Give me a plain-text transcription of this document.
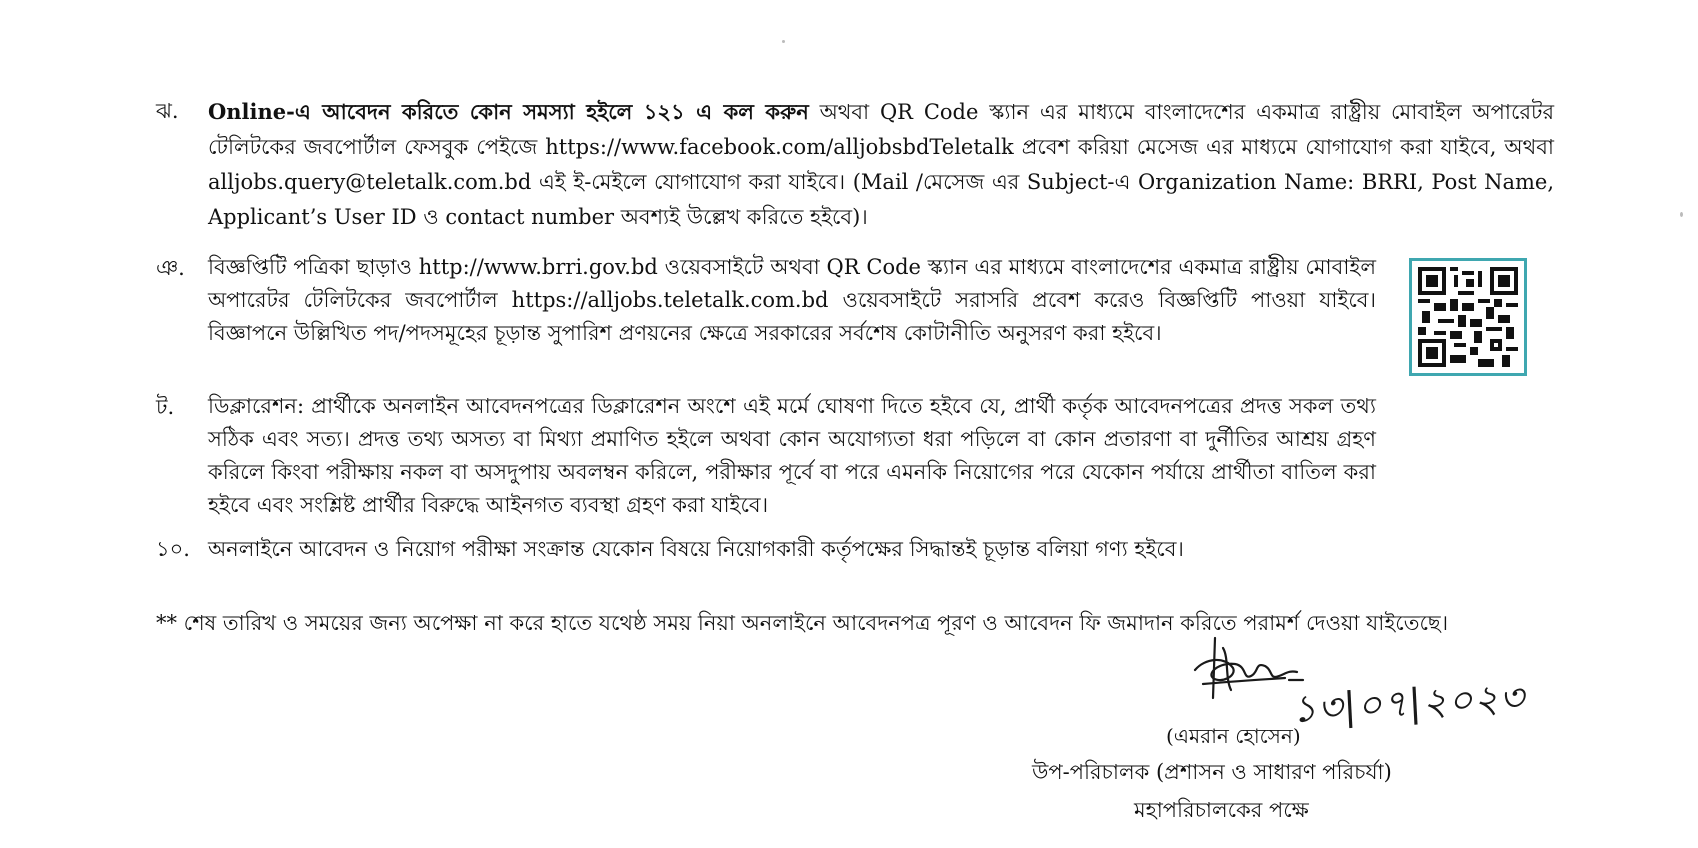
ঝ. Online-এ আবেদন করিতে কোন সমস্যা হইলে ১২১ এ কল করুন অথবা QR Code স্ক্যান এর মাধ্যমে বাংলাদেশের একমাত্র রাষ্ট্রীয় মোবাইল অপারেটর টেলিটকের জবপোর্টাল ফেসবুক পেইজে https://www.facebook.com/alljobsbdTeletalk প্রবেশ করিয়া মেসেজ এর মাধ্যমে যোগাযোগ করা যাইবে, অথবা alljobs.query@teletalk.com.bd এই ই-মেইলে যোগাযোগ করা যাইবে। (Mail /মেসেজ এর Subject-এ Organization Name: BRRI, Post Name, Applicant’s User ID ও contact number অবশ্যই উল্লেখ করিতে হইবে)।
ঞ. বিজ্ঞপ্তিটি পত্রিকা ছাড়াও http://www.brri.gov.bd ওয়েবসাইটে অথবা QR Code স্ক্যান এর মাধ্যমে বাংলাদেশের একমাত্র রাষ্ট্রীয় মোবাইল অপারেটর টেলিটকের জবপোর্টাল https://alljobs.teletalk.com.bd ওয়েবসাইটে সরাসরি প্রবেশ করেও বিজ্ঞপ্তিটি পাওয়া যাইবে। বিজ্ঞাপনে উল্লিখিত পদ/পদসমূহের চূড়ান্ত সুপারিশ প্রণয়নের ক্ষেত্রে সরকারের সর্বশেষ কোটানীতি অনুসরণ করা হইবে।
ট. ডিক্লারেশন: প্রার্থীকে অনলাইন আবেদনপত্রের ডিক্লারেশন অংশে এই মর্মে ঘোষণা দিতে হইবে যে, প্রার্থী কর্তৃক আবেদনপত্রের প্রদত্ত সকল তথ্য সঠিক এবং সত্য। প্রদত্ত তথ্য অসত্য বা মিথ্যা প্রমাণিত হইলে অথবা কোন অযোগ্যতা ধরা পড়িলে বা কোন প্রতারণা বা দুর্নীতির আশ্রয় গ্রহণ করিলে কিংবা পরীক্ষায় নকল বা অসদুপায় অবলম্বন করিলে, পরীক্ষার পূর্বে বা পরে এমনকি নিয়োগের পরে যেকোন পর্যায়ে প্রার্থীতা বাতিল করা হইবে এবং সংশ্লিষ্ট প্রার্থীর বিরুদ্ধে আইনগত ব্যবস্থা গ্রহণ করা যাইবে।
১০. অনলাইনে আবেদন ও নিয়োগ পরীক্ষা সংক্রান্ত যেকোন বিষয়ে নিয়োগকারী কর্তৃপক্ষের সিদ্ধান্তই চূড়ান্ত বলিয়া গণ্য হইবে।
** শেষ তারিখ ও সময়ের জন্য অপেক্ষা না করে হাতে যথেষ্ঠ সময় নিয়া অনলাইনে আবেদনপত্র পূরণ ও আবেদন ফি জমাদান করিতে পরামর্শ দেওয়া যাইতেছে।
১৩|০৭|২০২৩
(এমরান হোসেন)
উপ-পরিচালক (প্রশাসন ও সাধারণ পরিচর্যা)
মহাপরিচালকের পক্ষে
